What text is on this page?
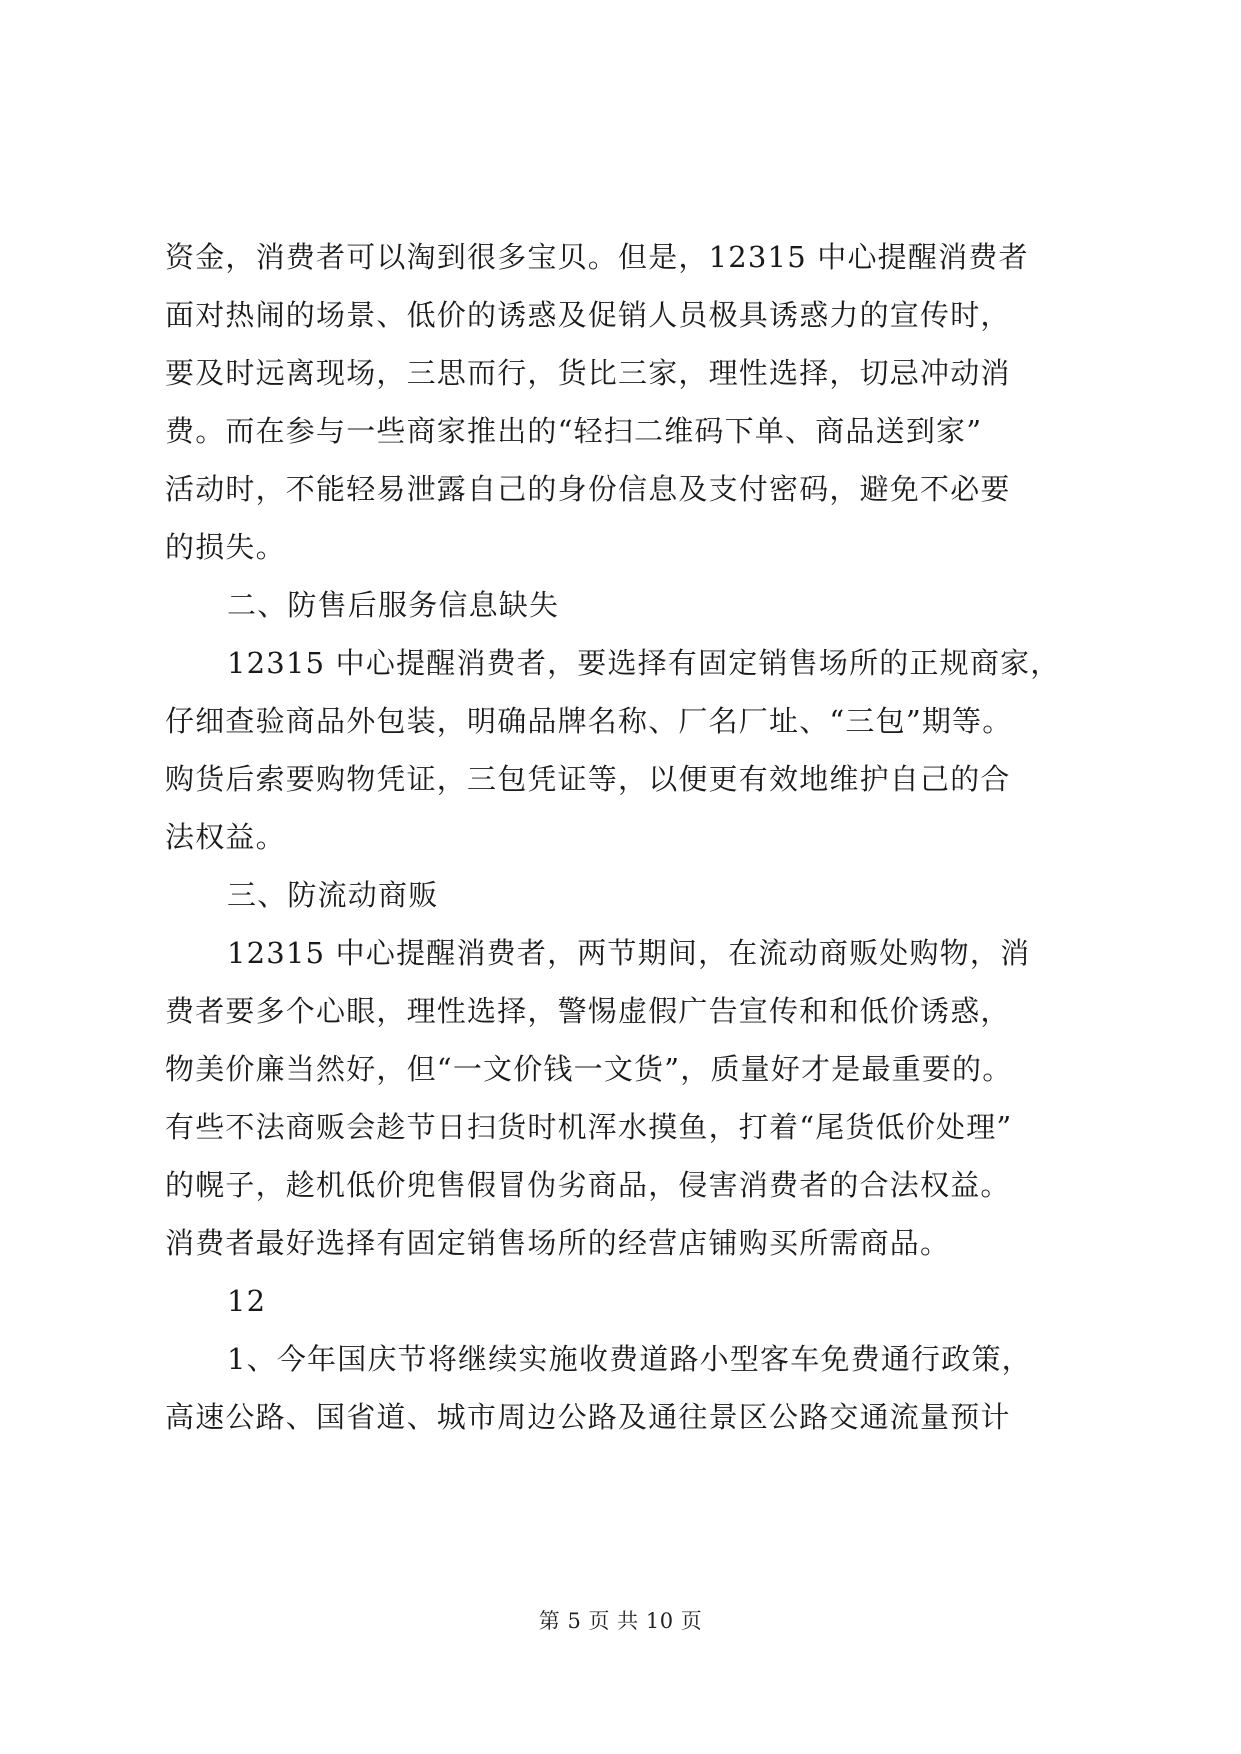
资金，消费者可以淘到很多宝贝。但是，12315 中心提醒消费者
面对热闹的场景、低价的诱惑及促销人员极具诱惑力的宣传时，
要及时远离现场，三思而行，货比三家，理性选择，切忌冲动消
费。而在参与一些商家推出的“轻扫二维码下单、商品送到家”
活动时，不能轻易泄露自己的身份信息及支付密码，避免不必要
的损失。
二、防售后服务信息缺失
12315 中心提醒消费者，要选择有固定销售场所的正规商家，
仔细查验商品外包装，明确品牌名称、厂名厂址、“三包”期等。
购货后索要购物凭证，三包凭证等，以便更有效地维护自己的合
法权益。
三、防流动商贩
12315 中心提醒消费者，两节期间，在流动商贩处购物，消
费者要多个心眼，理性选择，警惕虚假广告宣传和和低价诱惑，
物美价廉当然好，但“一文价钱一文货”，质量好才是最重要的。
有些不法商贩会趁节日扫货时机浑水摸鱼，打着“尾货低价处理”
的幌子，趁机低价兜售假冒伪劣商品，侵害消费者的合法权益。
消费者最好选择有固定销售场所的经营店铺购买所需商品。
12
1、今年国庆节将继续实施收费道路小型客车免费通行政策，
高速公路、国省道、城市周边公路及通往景区公路交通流量预计
第 5 页 共 10 页
